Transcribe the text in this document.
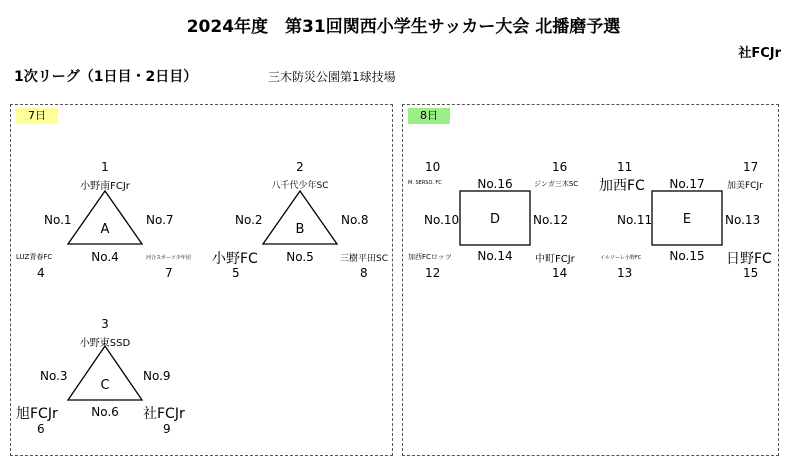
2024年度　第31回関西小学生サッカー大会 北播磨予選
社FCJr
1次リーグ（1日目・2日目）	三木防災公園第1球技場
7日	8日
1
小野南FCJr
No.1	No.7
A
LUZ青春FC	No.4	河合スポーツ少年団
4	7
2
八千代少年SC
No.2	No.8
B
小野FC No.5	三樹平田SC
5	8
3
小野東SSD
No.3	No.9
C
旭FCJr	No.6 社FCJr
6	9
10	16
M. SERSO. FC	No.16	ジンガ三木SC
No.10 D	No.12
加西FCロッツ No.14 中町FCJr
12	14
11	17
加西FC No.17 加美FCJr
No.11 E	No.13
イルソーレ小野FC No.15 日野FC
13	15
